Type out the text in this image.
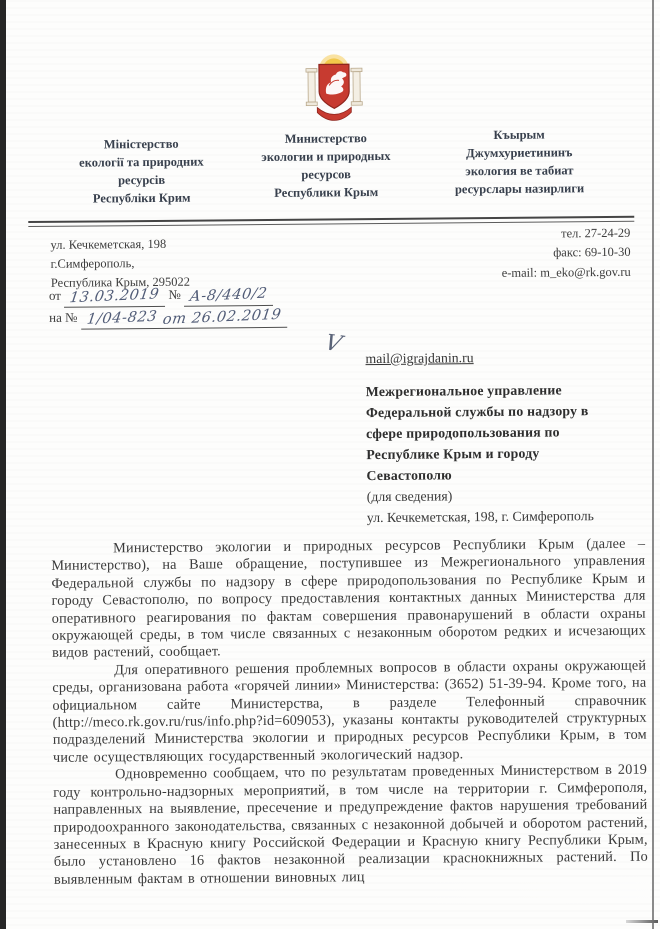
Міністерство
екології та природних
ресурсів
Республіки Крим
Министерство
экологии и природных
ресурсов
Республики Крым
Къырым
Джумхуриетининъ
экология ве табиат
ресурслары назирлиги
ул. Кечкеметская, 198
г.Симферополь,
Республика Крым, 295022
тел. 27-24-29
факс: 69-10-30
e-mail: m_eko@rk.gov.ru
от 13.03.2019 № А-8/440/2
на № 1/04-823 от 26.02.2019
V
mail@igrajdanin.ru
Межрегиональное управление
Федеральной службы по надзору в
сфере природопользования по
Республике Крым и городу
Севастополю
(для сведения)
ул. Кечкеметская, 198, г. Симферополь

Министерство экологии и природных ресурсов Республики Крым (далее – Министерство), на Ваше обращение, поступившее из Межрегионального управления Федеральной службы по надзору в сфере природопользования по Республике Крым и городу Севастополю, по вопросу предоставления контактных данных Министерства для оперативного реагирования по фактам совершения правонарушений в области охраны окружающей среды, в том числе связанных с незаконным оборотом редких и исчезающих видов растений, сообщает.

Для оперативного решения проблемных вопросов в области охраны окружающей среды, организована работа «горячей линии» Министерства: (3652) 51-39-94. Кроме того, на официальном сайте Министерства, в разделе Телефонный справочник (http://meco.rk.gov.ru/rus/info.php?id=609053), указаны контакты руководителей структурных подразделений Министерства экологии и природных ресурсов Республики Крым, в том числе осуществляющих государственный экологический надзор.

Одновременно сообщаем, что по результатам проведенных Министерством в 2019 году контрольно-надзорных мероприятий, в том числе на территории г. Симферополя, направленных на выявление, пресечение и предупреждение фактов нарушения требований природоохранного законодательства, связанных с незаконной добычей и оборотом растений, занесенных в Красную книгу Российской Федерации и Красную книгу Республики Крым, было установлено 16 фактов незаконной реализации краснокнижных растений. По выявленным фактам в отношении виновных лиц
